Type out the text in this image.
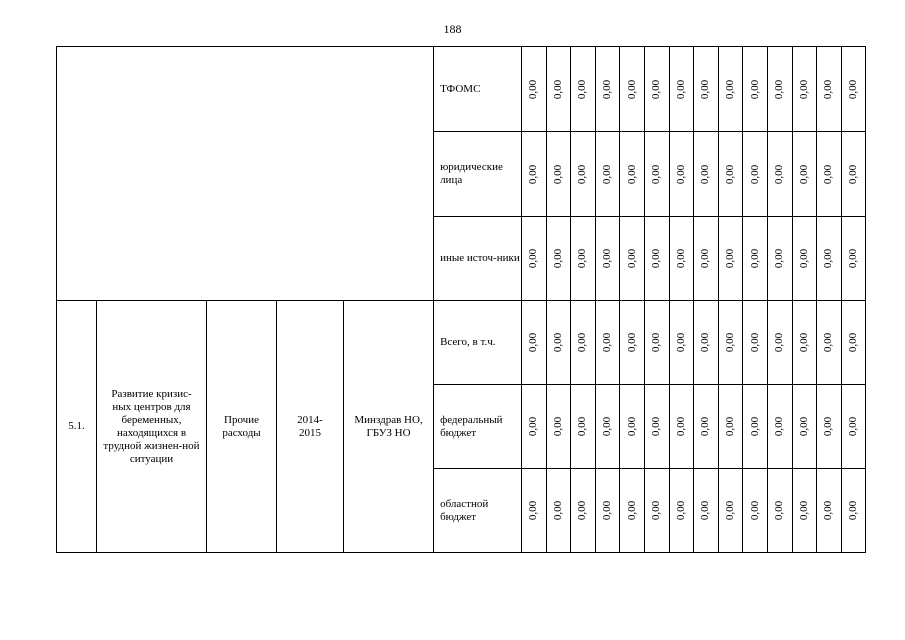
188
					ТФОМС	0,00	0,00	0,00	0,00	0,00	0,00	0,00	0,00	0,00	0,00	0,00	0,00	0,00	0,00
					юридические лица	0,00	0,00	0,00	0,00	0,00	0,00	0,00	0,00	0,00	0,00	0,00	0,00	0,00	0,00
					иные источ-ники	0,00	0,00	0,00	0,00	0,00	0,00	0,00	0,00	0,00	0,00	0,00	0,00	0,00	0,00
5.1.	Развитие кризис-ных центров для беременных, находящихся в трудной жизнен-ной ситуации	Прочие расходы	2014-2015	Минздрав НО, ГБУЗ НО	Всего, в т.ч.	0,00	0,00	0,00	0,00	0,00	0,00	0,00	0,00	0,00	0,00	0,00	0,00	0,00	0,00
					федеральный бюджет	0,00	0,00	0,00	0,00	0,00	0,00	0,00	0,00	0,00	0,00	0,00	0,00	0,00	0,00
					областной бюджет	0,00	0,00	0,00	0,00	0,00	0,00	0,00	0,00	0,00	0,00	0,00	0,00	0,00	0,00
